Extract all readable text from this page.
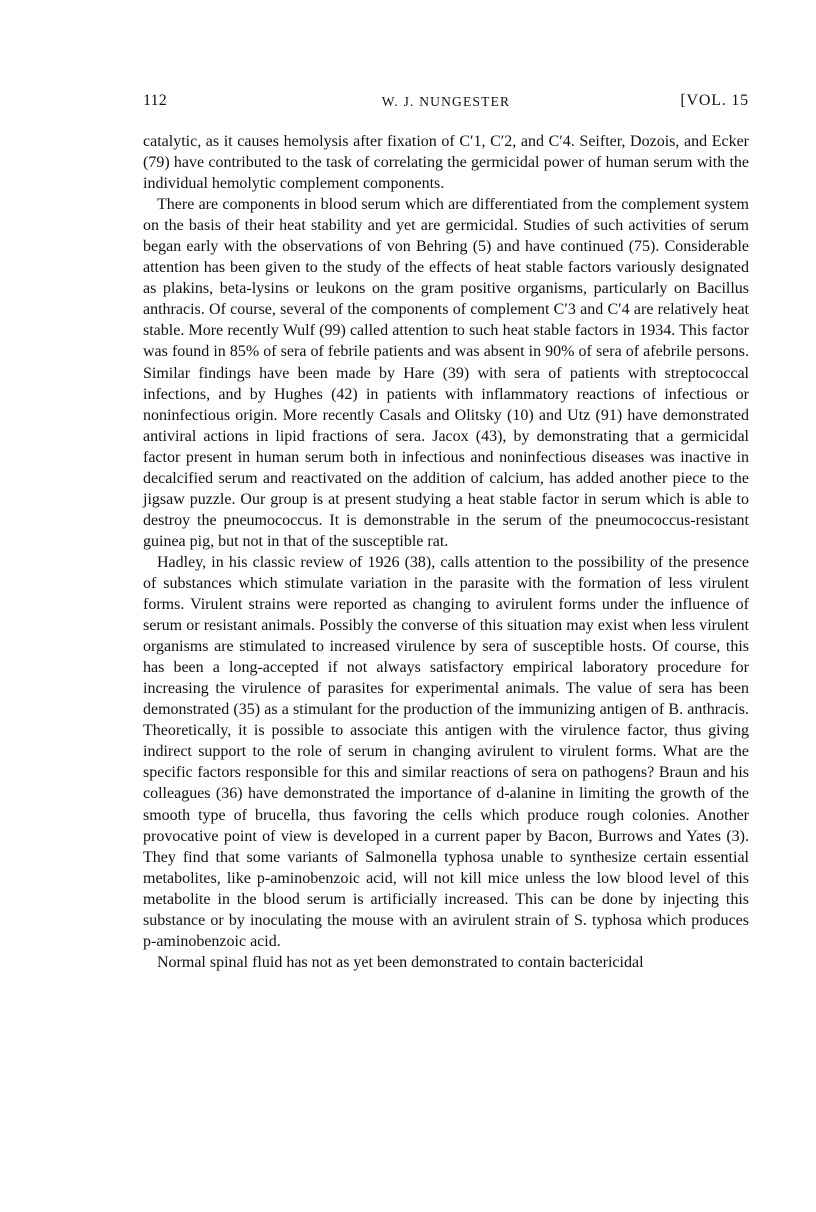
112	W. J. NUNGESTER	[VOL. 15

catalytic, as it causes hemolysis after fixation of C′1, C′2, and C′4. Seifter, Dozois, and Ecker (79) have contributed to the task of correlating the germicidal power of human serum with the individual hemolytic complement components.

There are components in blood serum which are differentiated from the complement system on the basis of their heat stability and yet are germicidal. Studies of such activities of serum began early with the observations of von Behring (5) and have continued (75). Considerable attention has been given to the study of the effects of heat stable factors variously designated as plakins, beta-lysins or leukons on the gram positive organisms, particularly on Bacillus anthracis. Of course, several of the components of complement C′3 and C′4 are relatively heat stable. More recently Wulf (99) called attention to such heat stable factors in 1934. This factor was found in 85% of sera of febrile patients and was absent in 90% of sera of afebrile persons. Similar findings have been made by Hare (39) with sera of patients with streptococcal infections, and by Hughes (42) in patients with inflammatory reactions of infectious or noninfectious origin. More recently Casals and Olitsky (10) and Utz (91) have demonstrated antiviral actions in lipid fractions of sera. Jacox (43), by demonstrating that a germicidal factor present in human serum both in infectious and noninfectious diseases was inactive in decalcified serum and reactivated on the addition of calcium, has added another piece to the jigsaw puzzle. Our group is at present studying a heat stable factor in serum which is able to destroy the pneumococcus. It is demonstrable in the serum of the pneumococcus-resistant guinea pig, but not in that of the susceptible rat.

Hadley, in his classic review of 1926 (38), calls attention to the possibility of the presence of substances which stimulate variation in the parasite with the formation of less virulent forms. Virulent strains were reported as changing to avirulent forms under the influence of serum or resistant animals. Possibly the converse of this situation may exist when less virulent organisms are stimulated to increased virulence by sera of susceptible hosts. Of course, this has been a long-accepted if not always satisfactory empirical laboratory procedure for increasing the virulence of parasites for experimental animals. The value of sera has been demonstrated (35) as a stimulant for the production of the immunizing antigen of B. anthracis. Theoretically, it is possible to associate this antigen with the virulence factor, thus giving indirect support to the role of serum in changing avirulent to virulent forms. What are the specific factors responsible for this and similar reactions of sera on pathogens? Braun and his colleagues (36) have demonstrated the importance of d-alanine in limiting the growth of the smooth type of brucella, thus favoring the cells which produce rough colonies. Another provocative point of view is developed in a current paper by Bacon, Burrows and Yates (3). They find that some variants of Salmonella typhosa unable to synthesize certain essential metabolites, like p-aminobenzoic acid, will not kill mice unless the low blood level of this metabolite in the blood serum is artificially increased. This can be done by injecting this substance or by inoculating the mouse with an avirulent strain of S. typhosa which produces p-aminobenzoic acid.

Normal spinal fluid has not as yet been demonstrated to contain bactericidal
